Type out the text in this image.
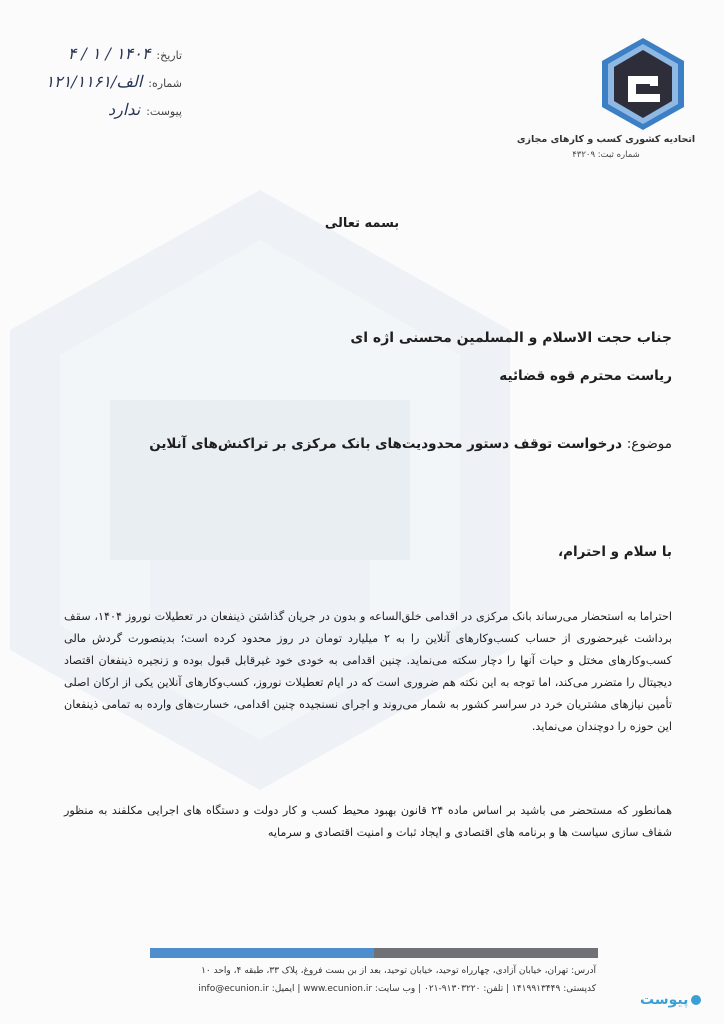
اتحادیه کشوری کسب و کارهای مجازی
شماره ثبت: ۴۳۲۰۹
تاریخ:
۱۴۰۴ / ۱ / ۴
شماره:
الف/۱۲۱/۱۱۶۱
پیوست:
ندارد
بسمه تعالی
جناب حجت الاسلام و المسلمین محسنی اژه ای
ریاست محترم قوه قضائیه
موضوع: درخواست توقف دستور محدودیت‌های بانک مرکزی بر تراکنش‌های آنلاین
با سلام و احترام،
احتراما به استحضار می‌رساند بانک مرکزی در اقدامی خلق‌الساعه و بدون در جریان گذاشتن ذینفعان در تعطیلات نوروز ۱۴۰۴، سقف برداشت غیرحضوری از حساب کسب‌وکارهای آنلاین را به ۲ میلیارد تومان در روز محدود کرده است؛ بدینصورت گردش مالی کسب‌وکارهای مختل و حیات آنها را دچار سکته می‌نماید. چنین اقدامی به خودی خود غیرقابل قبول بوده و زنجیره ذینفعان اقتصاد دیجیتال را متضرر می‌کند، اما توجه به این نکته هم ضروری است که در ایام تعطیلات نوروز، کسب‌وکارهای آنلاین یکی از ارکان اصلی تأمین نیازهای مشتریان خرد در سراسر کشور به شمار می‌روند و اجرای نسنجیده چنین اقدامی، خسارت‌های وارده به تمامی ذینفعان این حوزه را دوچندان می‌نماید.
همانطور که مستحضر می باشید بر اساس ماده ۲۴ قانون بهبود محیط کسب و کار دولت و دستگاه های اجرایی مکلفند به منظور شفاف سازی سیاست ها و برنامه های اقتصادی و ایجاد ثبات و امنیت اقتصادی و سرمایه
آدرس: تهران، خیابان آزادی، چهارراه توحید، خیابان توحید، بعد از بن بست فروغ، پلاک ۳۳، طبقه ۴، واحد ۱۰
کدپستی: ۱۴۱۹۹۱۳۴۴۹ | تلفن: ۹۱۳۰۳۲۲۰-۰۲۱ | وب سایت: www.ecunion.ir | ایمیل: info@ecunion.ir
پیوست
